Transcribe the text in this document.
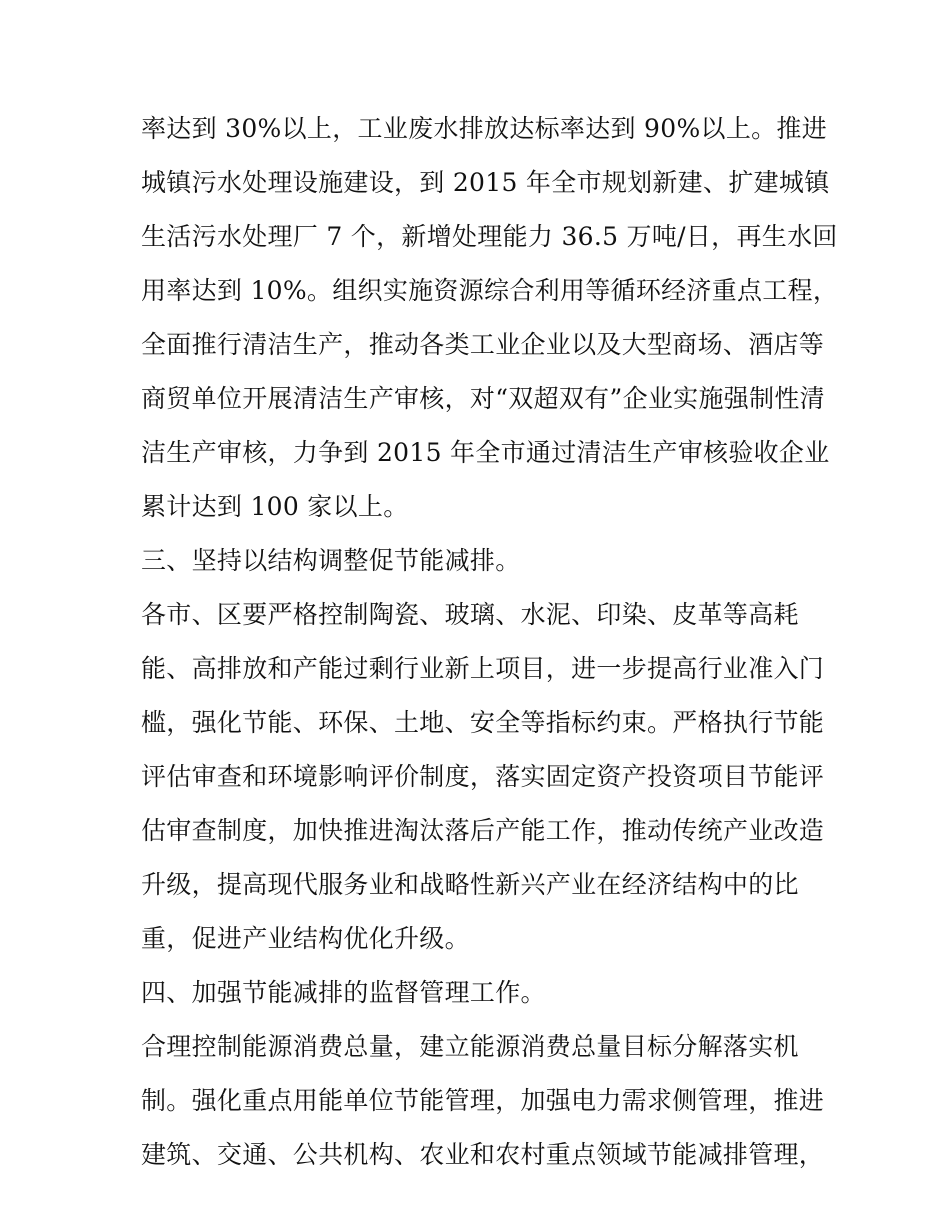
率达到 30%以上，工业废水排放达标率达到 90%以上。推进
城镇污水处理设施建设，到 2015 年全市规划新建、扩建城镇
生活污水处理厂 7 个，新增处理能力 36.5 万吨/日，再生水回
用率达到 10%。组织实施资源综合利用等循环经济重点工程，
全面推行清洁生产，推动各类工业企业以及大型商场、酒店等
商贸单位开展清洁生产审核，对“双超双有”企业实施强制性清
洁生产审核，力争到 2015 年全市通过清洁生产审核验收企业
累计达到 100 家以上。
三、坚持以结构调整促节能减排。
各市、区要严格控制陶瓷、玻璃、水泥、印染、皮革等高耗
能、高排放和产能过剩行业新上项目，进一步提高行业准入门
槛，强化节能、环保、土地、安全等指标约束。严格执行节能
评估审查和环境影响评价制度，落实固定资产投资项目节能评
估审查制度，加快推进淘汰落后产能工作，推动传统产业改造
升级，提高现代服务业和战略性新兴产业在经济结构中的比
重，促进产业结构优化升级。
四、加强节能减排的监督管理工作。
合理控制能源消费总量，建立能源消费总量目标分解落实机
制。强化重点用能单位节能管理，加强电力需求侧管理，推进
建筑、交通、公共机构、农业和农村重点领域节能减排管理，
